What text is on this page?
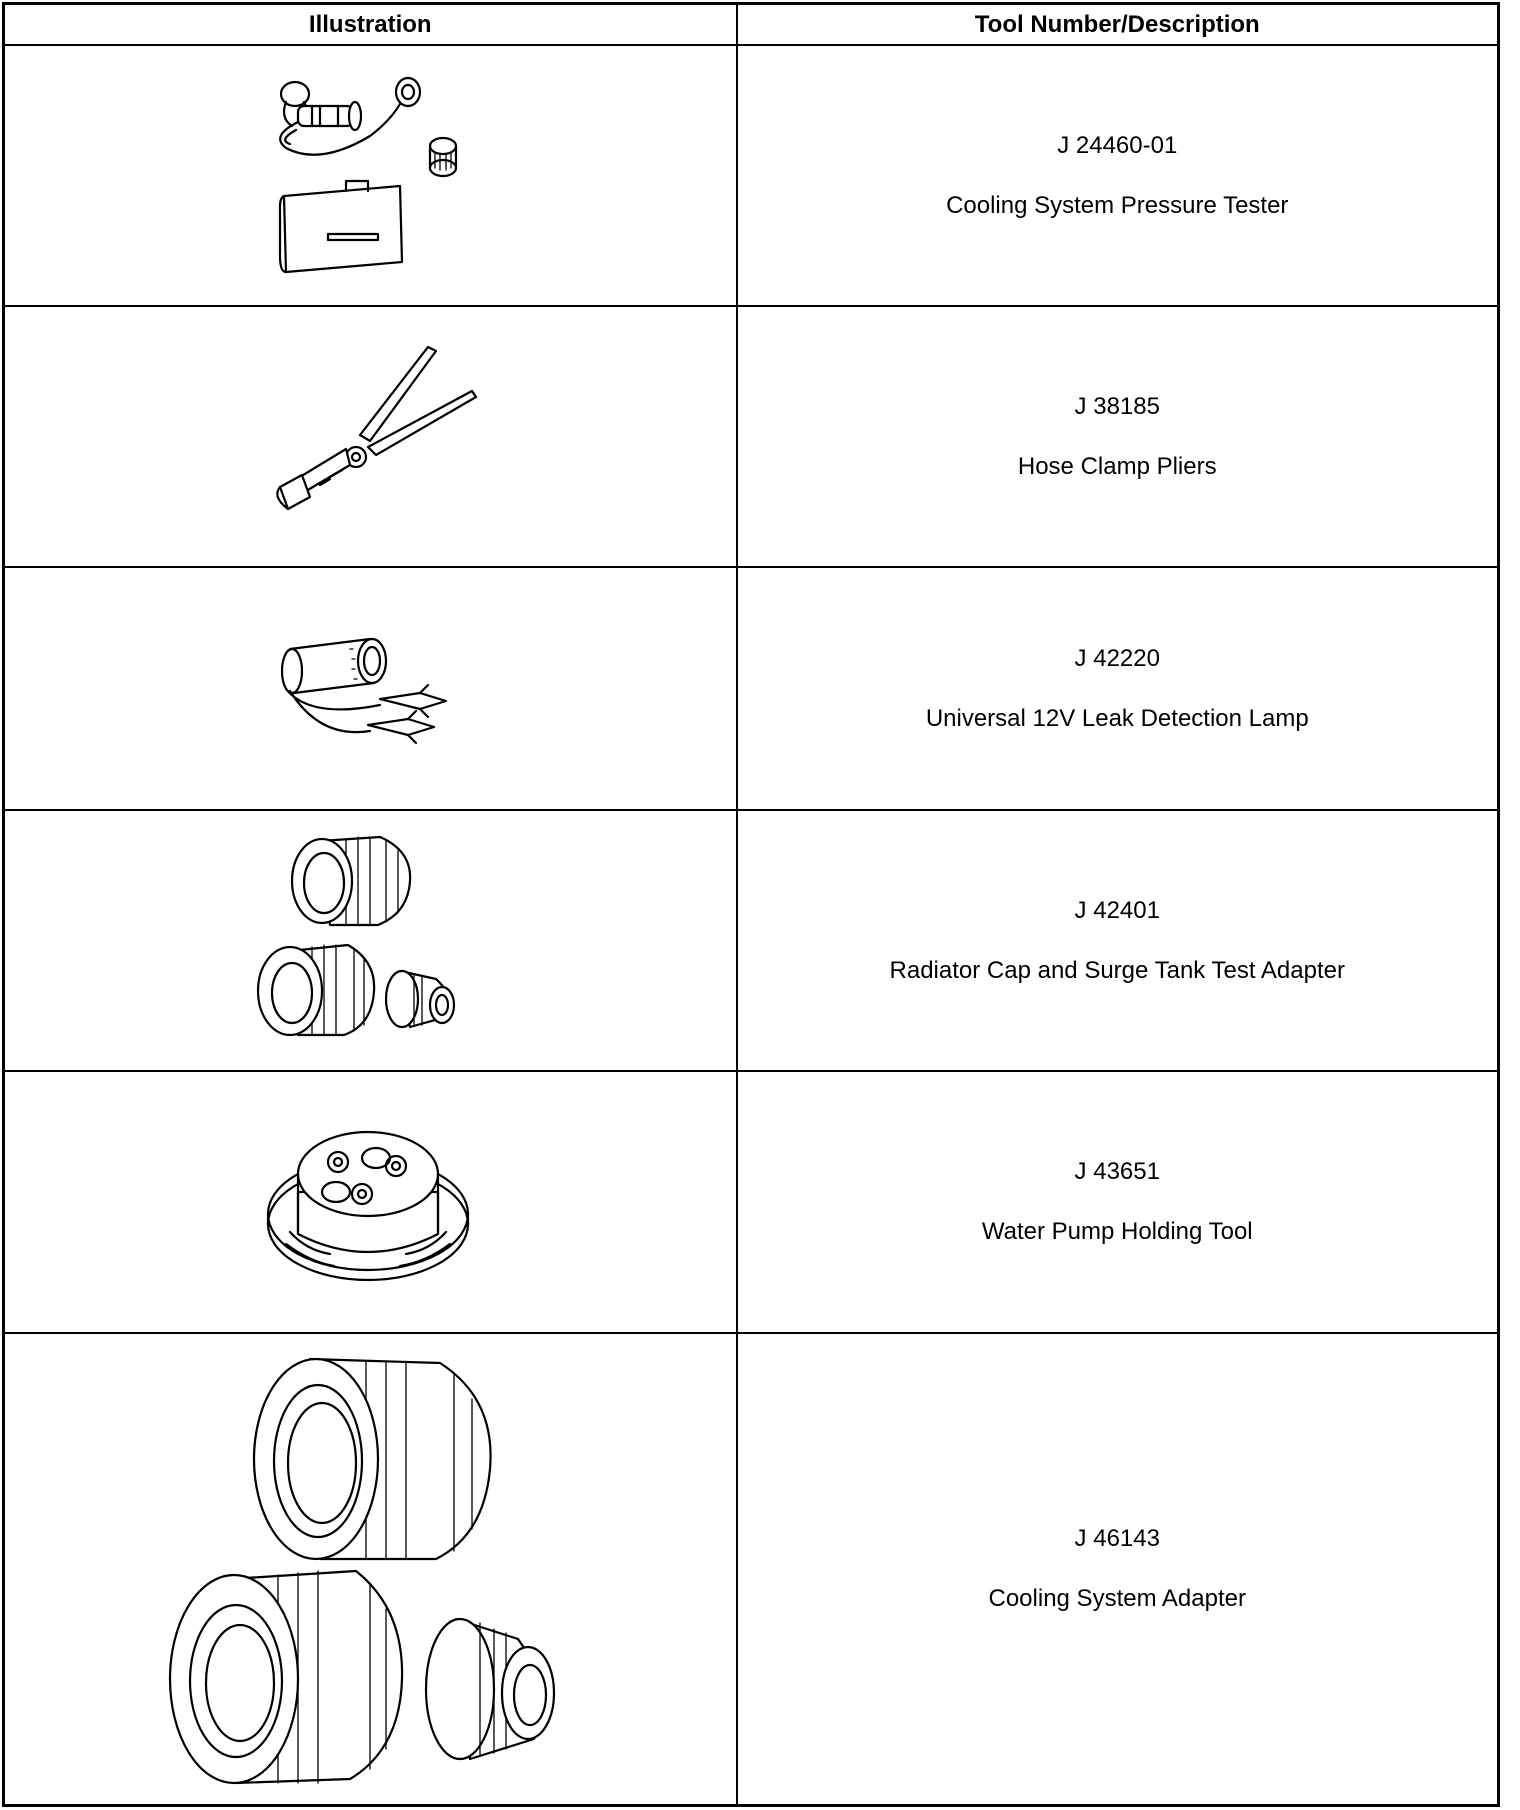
Illustration	Tool Number/Description

J 24460-01
Cooling System Pressure Tester

J 38185
Hose Clamp Pliers

J 42220
Universal 12V Leak Detection Lamp

J 42401
Radiator Cap and Surge Tank Test Adapter

J 43651
Water Pump Holding Tool

J 46143
Cooling System Adapter
